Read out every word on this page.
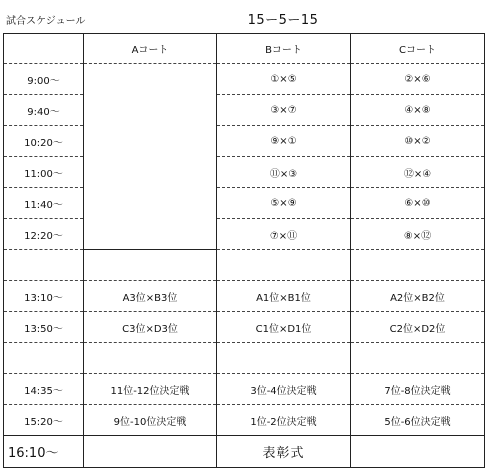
試合スケジュール	15ー5ー15
	Aコート	Bコート	Cコート
9:00〜		①×⑤	②×⑥
9:40〜		③×⑦	④×⑧
10:20〜		⑨×①	⑩×②
11:00〜		⑪×③	⑫×④
11:40〜		⑤×⑨	⑥×⑩
12:20〜		⑦×⑪	⑧×⑫

13:10〜	A3位×B3位	A1位×B1位	A2位×B2位
13:50〜	C3位×D3位	C1位×D1位	C2位×D2位

14:35〜	11位-12位決定戦	3位-4位決定戦	7位-8位決定戦
15:20〜	9位-10位決定戦	1位-2位決定戦	5位-6位決定戦
16:10〜		表彰式	
